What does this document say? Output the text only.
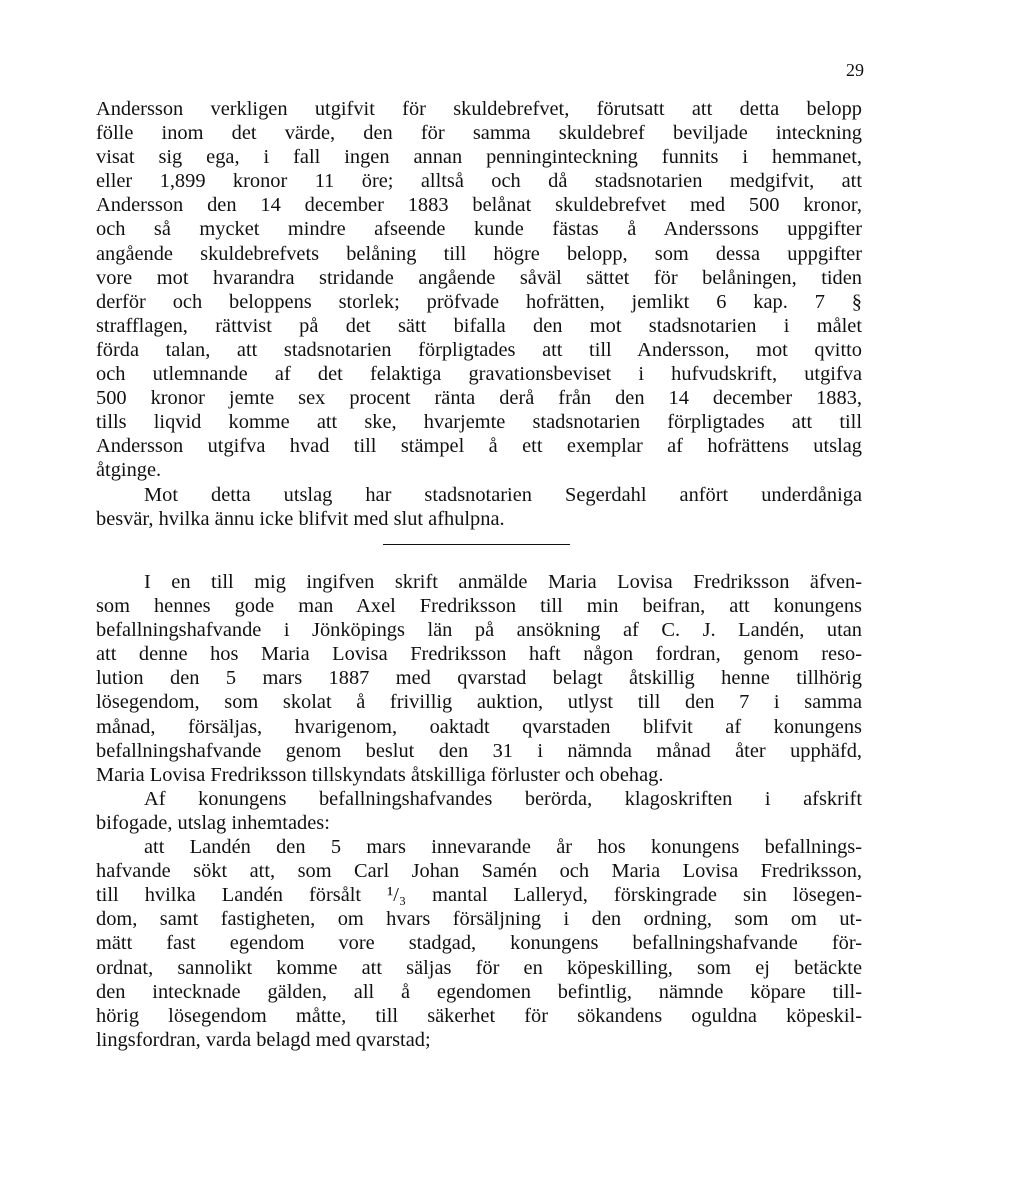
29
Andersson verkligen utgifvit för skuldebrefvet, förutsatt att detta belopp
fölle inom det värde, den för samma skuldebref beviljade inteckning
visat sig ega, i fall ingen annan penninginteckning funnits i hemmanet,
eller 1,899 kronor 11 öre; alltså och då stadsnotarien medgifvit, att
Andersson den 14 december 1883 belånat skuldebrefvet med 500 kronor,
och så mycket mindre afseende kunde fästas å Anderssons uppgifter
angående skuldebrefvets belåning till högre belopp, som dessa uppgifter
vore mot hvarandra stridande angående såväl sättet för belåningen, tiden
derför och beloppens storlek; pröfvade hofrätten, jemlikt 6 kap. 7 §
strafflagen, rättvist på det sätt bifalla den mot stadsnotarien i målet
förda talan, att stadsnotarien förpligtades att till Andersson, mot qvitto
och utlemnande af det felaktiga gravationsbeviset i hufvudskrift, utgifva
500 kronor jemte sex procent ränta derå från den 14 december 1883,
tills liqvid komme att ske, hvarjemte stadsnotarien förpligtades att till
Andersson utgifva hvad till stämpel å ett exemplar af hofrättens utslag
åtginge.
Mot detta utslag har stadsnotarien Segerdahl anfört underdåniga
besvär, hvilka ännu icke blifvit med slut afhulpna.
I en till mig ingifven skrift anmälde Maria Lovisa Fredriksson äfven-
som hennes gode man Axel Fredriksson till min beifran, att konungens
befallningshafvande i Jönköpings län på ansökning af C. J. Landén, utan
att denne hos Maria Lovisa Fredriksson haft någon fordran, genom reso-
lution den 5 mars 1887 med qvarstad belagt åtskillig henne tillhörig
lösegendom, som skolat å frivillig auktion, utlyst till den 7 i samma
månad, försäljas, hvarigenom, oaktadt qvarstaden blifvit af konungens
befallningshafvande genom beslut den 31 i nämnda månad åter upphäfd,
Maria Lovisa Fredriksson tillskyndats åtskilliga förluster och obehag.
Af konungens befallningshafvandes berörda, klagoskriften i afskrift
bifogade, utslag inhemtades:
att Landén den 5 mars innevarande år hos konungens befallnings-
hafvande sökt att, som Carl Johan Samén och Maria Lovisa Fredriksson,
till hvilka Landén försålt ¹/₃ mantal Lalleryd, förskingrade sin lösegen-
dom, samt fastigheten, om hvars försäljning i den ordning, som om ut-
mätt fast egendom vore stadgad, konungens befallningshafvande för-
ordnat, sannolikt komme att säljas för en köpeskilling, som ej betäckte
den intecknade gälden, all å egendomen befintlig, nämnde köpare till-
hörig lösegendom måtte, till säkerhet för sökandens oguldna köpeskil-
lingsfordran, varda belagd med qvarstad;
